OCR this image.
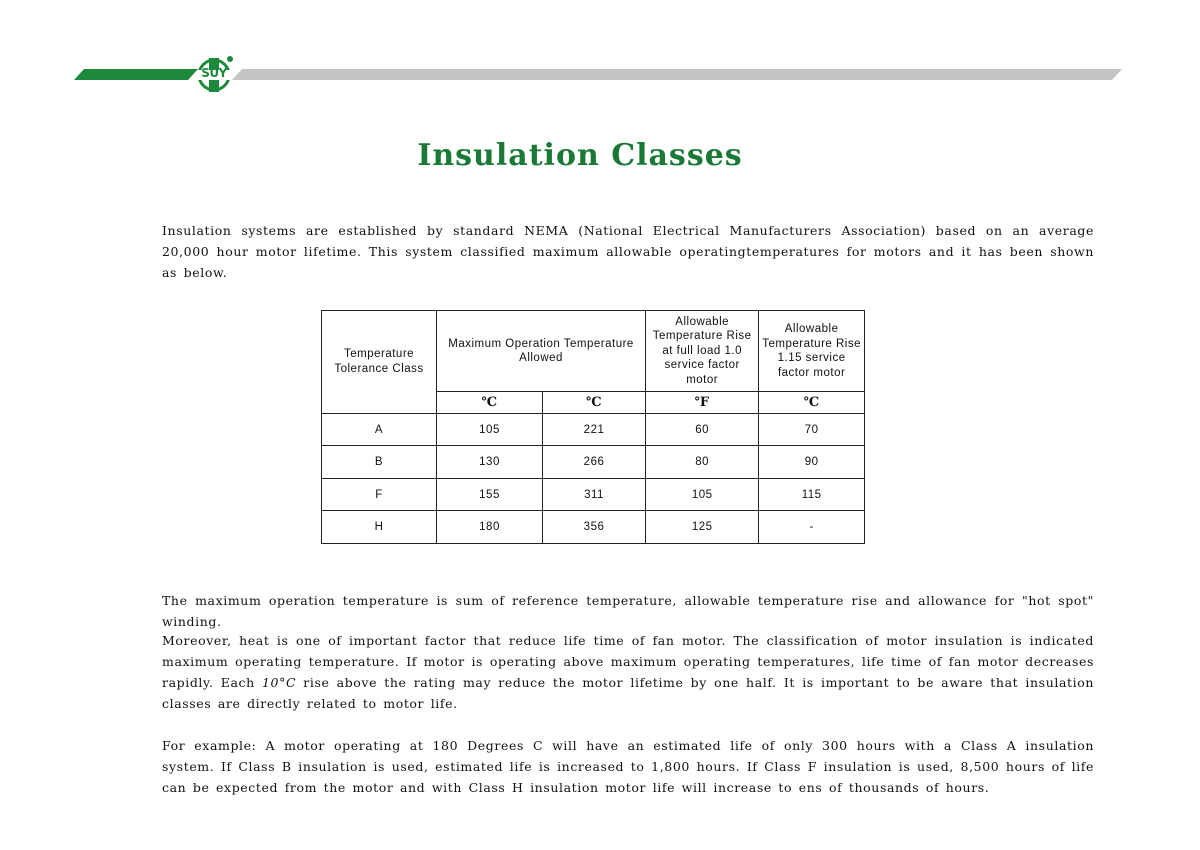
SUY
Insulation Classes

Insulation systems are established by standard NEMA (National Electrical Manufacturers Association) based on an average 20,000 hour motor lifetime. This system classified maximum allowable operatingtemperatures for motors and it has been shown as below.

Temperature Tolerance Class	Maximum Operation Temperature Allowed		Allowable Temperature Rise at full load 1.0 service factor motor	Allowable Temperature Rise 1.15 service factor motor
	℃	℃	℉	℃
A	105	221	60	70
B	130	266	80	90
F	155	311	105	115
H	180	356	125	-

The maximum operation temperature is sum of reference temperature, allowable temperature rise and allowance for "hot spot" winding.

Moreover, heat is one of important factor that reduce life time of fan motor. The classification of motor insulation is indicated maximum operating temperature. If motor is operating above maximum operating temperatures, life time of fan motor decreases rapidly. Each 10°C rise above the rating may reduce the motor lifetime by one half. It is important to be aware that insulation classes are directly related to motor life.

For example: A motor operating at 180 Degrees C will have an estimated life of only 300 hours with a Class A insulation system. If Class B insulation is used, estimated life is increased to 1,800 hours. If Class F insulation is used, 8,500 hours of life can be expected from the motor and with Class H insulation motor life will increase to ens of thousands of hours.
